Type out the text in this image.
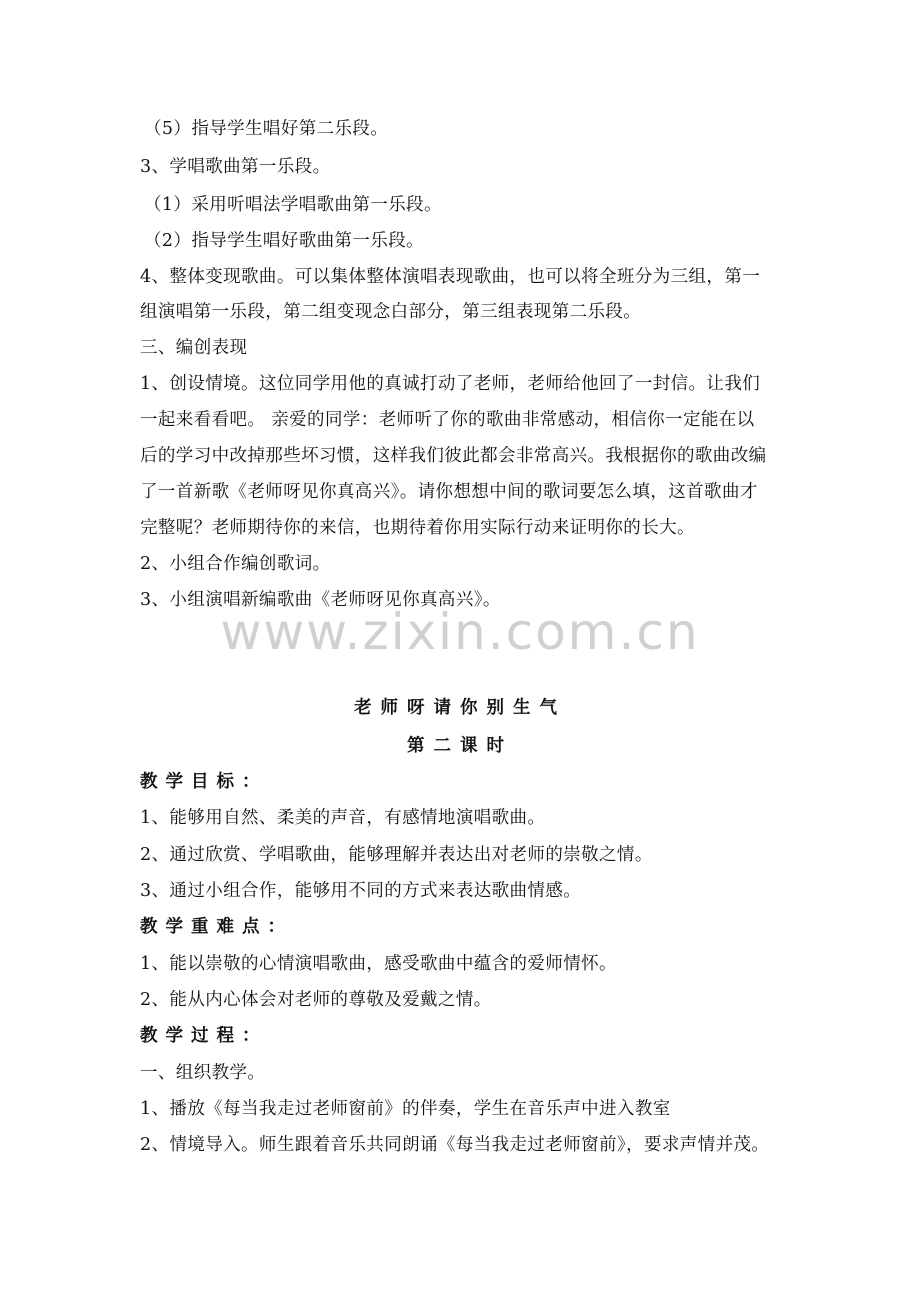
（5）指导学生唱好第二乐段。
3、学唱歌曲第一乐段。
（1）采用听唱法学唱歌曲第一乐段。
（2）指导学生唱好歌曲第一乐段。
4、整体变现歌曲。可以集体整体演唱表现歌曲，也可以将全班分为三组，第一
组演唱第一乐段，第二组变现念白部分，第三组表现第二乐段。
三、编创表现
1、创设情境。这位同学用他的真诚打动了老师，老师给他回了一封信。让我们
一起来看看吧。 亲爱的同学：老师听了你的歌曲非常感动，相信你一定能在以
后的学习中改掉那些坏习惯，这样我们彼此都会非常高兴。我根据你的歌曲改编
了一首新歌《老师呀见你真高兴》。请你想想中间的歌词要怎么填，这首歌曲才
完整呢？老师期待你的来信，也期待着你用实际行动来证明你的长大。
2、小组合作编创歌词。
3、小组演唱新编歌曲《老师呀见你真高兴》。
www.zixin.com.cn
老师呀请你别生气
第二课时
教学目标：
1、能够用自然、柔美的声音，有感情地演唱歌曲。
2、通过欣赏、学唱歌曲，能够理解并表达出对老师的崇敬之情。
3、通过小组合作，能够用不同的方式来表达歌曲情感。
教学重难点：
1、能以崇敬的心情演唱歌曲，感受歌曲中蕴含的爱师情怀。
2、能从内心体会对老师的尊敬及爱戴之情。
教学过程：
一、组织教学。
1、播放《每当我走过老师窗前》的伴奏，学生在音乐声中进入教室
2、情境导入。师生跟着音乐共同朗诵《每当我走过老师窗前》，要求声情并茂。
